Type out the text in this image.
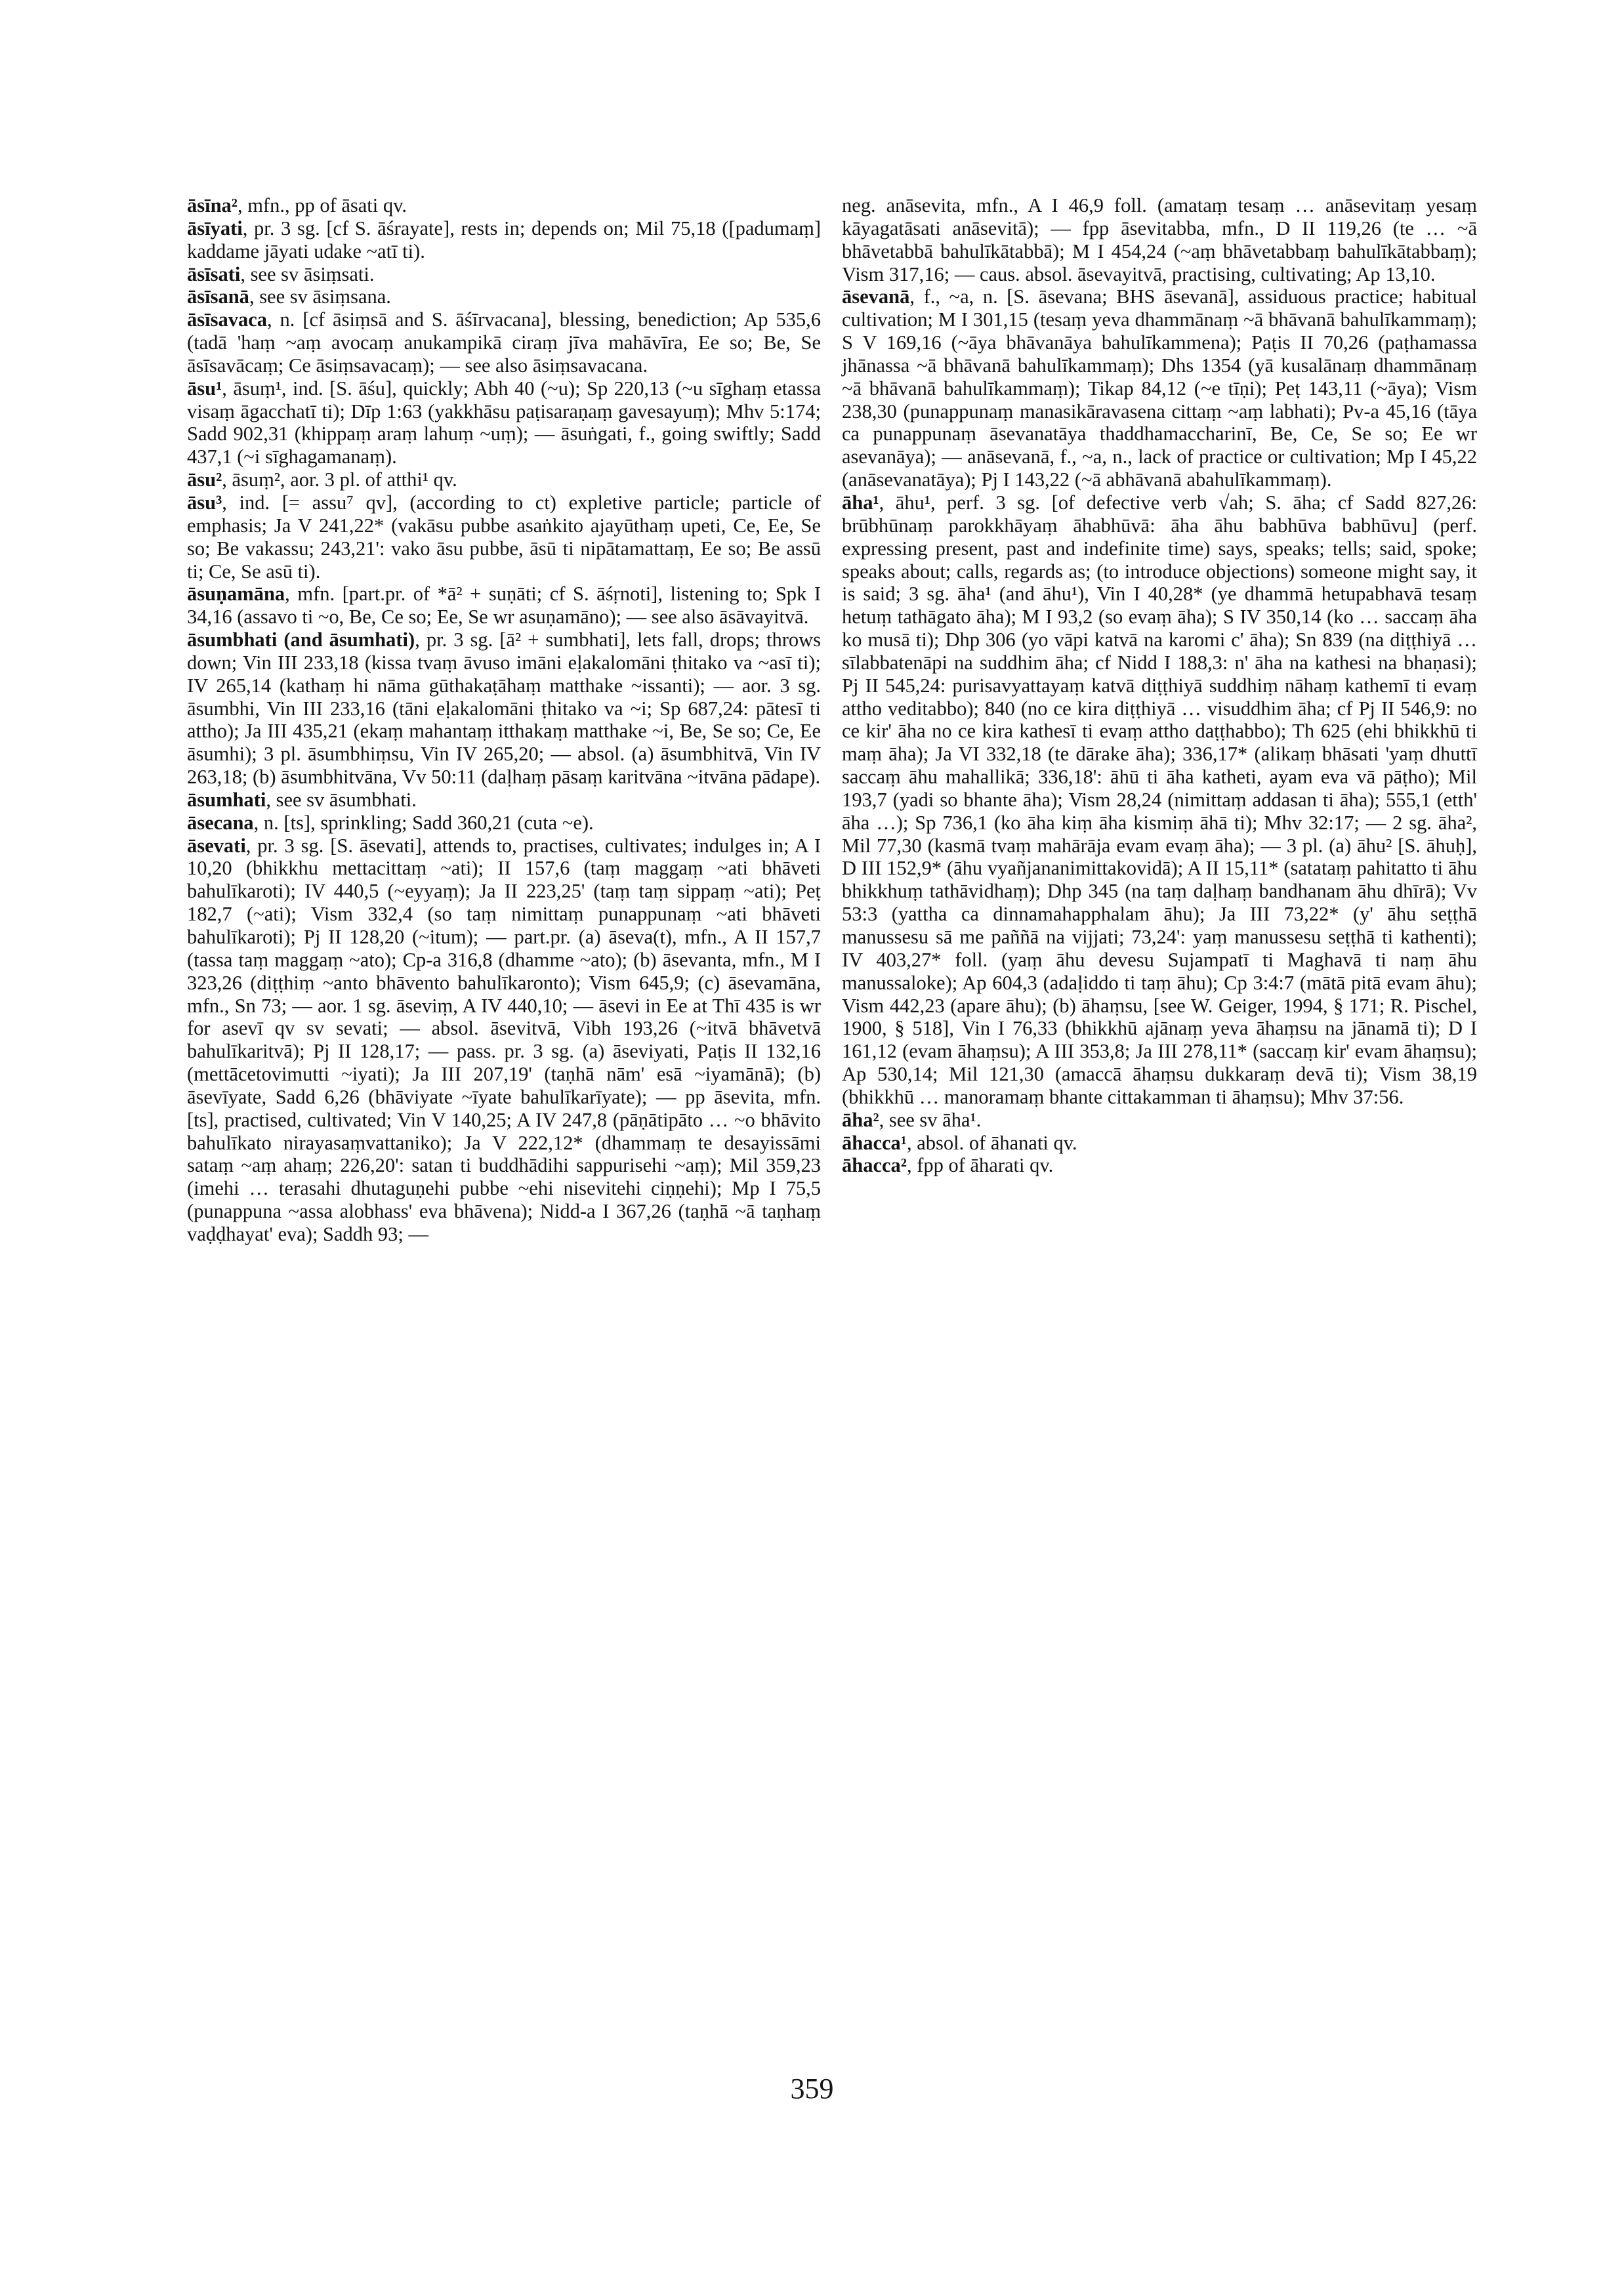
āsīna², mfn., pp of āsati qv.

āsīyati, pr. 3 sg. [cf S. āśrayate], rests in; depends on; Mil 75,18 ([padumaṃ] kaddame jāyati udake ~atī ti).

āsīsati, see sv āsiṃsati.

āsīsanā, see sv āsiṃsana.

āsīsavaca, n. [cf āsiṃsā and S. āśīrvacana], blessing, benediction; Ap 535,6 (tadā 'haṃ ~aṃ avocaṃ anukampikā ciraṃ jīva mahāvīra, Ee so; Be, Se āsīsavācaṃ; Ce āsiṃsavacaṃ); — see also āsiṃsavacana.

āsu¹, āsuṃ¹, ind. [S. āśu], quickly; Abh 40 (~u); Sp 220,13 (~u sīghaṃ etassa visaṃ āgacchatī ti); Dīp 1:63 (yakkhāsu paṭisaraṇaṃ gavesayuṃ); Mhv 5:174; Sadd 902,31 (khippaṃ araṃ lahuṃ ~uṃ); — āsuṅgati, f., going swiftly; Sadd 437,1 (~i sīghagamanaṃ).

āsu², āsuṃ², aor. 3 pl. of atthi¹ qv.

āsu³, ind. [= assu⁷ qv], (according to ct) expletive particle; particle of emphasis; Ja V 241,22* (vakāsu pubbe asaṅkito ajayūthaṃ upeti, Ce, Ee, Se so; Be vakassu; 243,21': vako āsu pubbe, āsū ti nipātamattaṃ, Ee so; Be assū ti; Ce, Se asū ti).

āsuṇamāna, mfn. [part.pr. of *ā² + suṇāti; cf S. āśṛnoti], listening to; Spk I 34,16 (assavo ti ~o, Be, Ce so; Ee, Se wr asuṇamāno); — see also āsāvayitvā.

āsumbhati (and āsumhati), pr. 3 sg. [ā² + sumbhati], lets fall, drops; throws down; Vin III 233,18 (kissa tvaṃ āvuso imāni eḷakalomāni ṭhitako va ~asī ti); IV 265,14 (kathaṃ hi nāma gūthakaṭāhaṃ matthake ~issanti); — aor. 3 sg. āsumbhi, Vin III 233,16 (tāni eḷakalomāni ṭhitako va ~i; Sp 687,24: pātesī ti attho); Ja III 435,21 (ekaṃ mahantaṃ itthakaṃ matthake ~i, Be, Se so; Ce, Ee āsumhi); 3 pl. āsumbhiṃsu, Vin IV 265,20; — absol. (a) āsumbhitvā, Vin IV 263,18; (b) āsumbhitvāna, Vv 50:11 (daḷhaṃ pāsaṃ karitvāna ~itvāna pādape).

āsumhati, see sv āsumbhati.

āsecana, n. [ts], sprinkling; Sadd 360,21 (cuta ~e).

āsevati, pr. 3 sg. [S. āsevati], attends to, practises, cultivates; indulges in; A I 10,20 (bhikkhu mettacittaṃ ~ati); II 157,6 (taṃ maggaṃ ~ati bhāveti bahulīkaroti); IV 440,5 (~eyyaṃ); Ja II 223,25' (taṃ taṃ sippaṃ ~ati); Peṭ 182,7 (~ati); Vism 332,4 (so taṃ nimittaṃ punappunaṃ ~ati bhāveti bahulīkaroti); Pj II 128,20 (~itum); — part.pr. (a) āseva(t), mfn., A II 157,7 (tassa taṃ maggaṃ ~ato); Cp-a 316,8 (dhamme ~ato); (b) āsevanta, mfn., M I 323,26 (diṭṭhiṃ ~anto bhāvento bahulīkaronto); Vism 645,9; (c) āsevamāna, mfn., Sn 73; — aor. 1 sg. āseviṃ, A IV 440,10; — āsevi in Ee at Thī 435 is wr for asevī qv sv sevati; — absol. āsevitvā, Vibh 193,26 (~itvā bhāvetvā bahulīkaritvā); Pj II 128,17; — pass. pr. 3 sg. (a) āseviyati, Paṭis II 132,16 (mettācetovimutti ~iyati); Ja III 207,19' (taṇhā nām' esā ~iyamānā); (b) āsevīyate, Sadd 6,26 (bhāviyate ~īyate bahulīkarīyate); — pp āsevita, mfn. [ts], practised, cultivated; Vin V 140,25; A IV 247,8 (pāṇātipāto … ~o bhāvito bahulīkato nirayasaṃvattaniko); Ja V 222,12* (dhammaṃ te desayissāmi sataṃ ~aṃ ahaṃ; 226,20': satan ti buddhādihi sappurisehi ~aṃ); Mil 359,23 (imehi … terasahi dhutaguṇehi pubbe ~ehi nisevitehi ciṇṇehi); Mp I 75,5 (punappuna ~assa alobhass' eva bhāvena); Nidd-a I 367,26 (taṇhā ~ā taṇhaṃ vaḍḍhayat' eva); Saddh 93; —

neg. anāsevita, mfn., A I 46,9 foll. (amataṃ tesaṃ … anāsevitaṃ yesaṃ kāyagatāsati anāsevitā); — fpp āsevitabba, mfn., D II 119,26 (te … ~ā bhāvetabbā bahulīkātabbā); M I 454,24 (~aṃ bhāvetabbaṃ bahulīkātabbaṃ); Vism 317,16; — caus. absol. āsevayitvā, practising, cultivating; Ap 13,10.

āsevanā, f., ~a, n. [S. āsevana; BHS āsevanā], assiduous practice; habitual cultivation; M I 301,15 (tesaṃ yeva dhammānaṃ ~ā bhāvanā bahulīkammaṃ); S V 169,16 (~āya bhāvanāya bahulīkammena); Paṭis II 70,26 (paṭhamassa jhānassa ~ā bhāvanā bahulīkammaṃ); Dhs 1354 (yā kusalānaṃ dhammānaṃ ~ā bhāvanā bahulīkammaṃ); Tikap 84,12 (~e tīṇi); Peṭ 143,11 (~āya); Vism 238,30 (punappunaṃ manasikāravasena cittaṃ ~aṃ labhati); Pv-a 45,16 (tāya ca punappunaṃ āsevanatāya thaddhamaccharinī, Be, Ce, Se so; Ee wr asevanāya); — anāsevanā, f., ~a, n., lack of practice or cultivation; Mp I 45,22 (anāsevanatāya); Pj I 143,22 (~ā abhāvanā abahulīkammaṃ).

āha¹, āhu¹, perf. 3 sg. [of defective verb √ah; S. āha; cf Sadd 827,26: brūbhūnaṃ parokkhāyaṃ āhabhūvā: āha āhu babhūva babhūvu] (perf. expressing present, past and indefinite time) says, speaks; tells; said, spoke; speaks about; calls, regards as; (to introduce objections) someone might say, it is said; 3 sg. āha¹ (and āhu¹), Vin I 40,28* (ye dhammā hetupabhavā tesaṃ hetuṃ tathāgato āha); M I 93,2 (so evaṃ āha); S IV 350,14 (ko … saccaṃ āha ko musā ti); Dhp 306 (yo vāpi katvā na karomi c' āha); Sn 839 (na diṭṭhiyā … sīlabbatenāpi na suddhim āha; cf Nidd I 188,3: n' āha na kathesi na bhaṇasi); Pj II 545,24: purisavyattayaṃ katvā diṭṭhiyā suddhiṃ nāhaṃ kathemī ti evaṃ attho veditabbo); 840 (no ce kira diṭṭhiyā … visuddhim āha; cf Pj II 546,9: no ce kir' āha no ce kira kathesī ti evaṃ attho daṭṭhabbo); Th 625 (ehi bhikkhū ti maṃ āha); Ja VI 332,18 (te dārake āha); 336,17* (alikaṃ bhāsati 'yaṃ dhuttī saccaṃ āhu mahallikā; 336,18': āhū ti āha katheti, ayam eva vā pāṭho); Mil 193,7 (yadi so bhante āha); Vism 28,24 (nimittaṃ addasan ti āha); 555,1 (etth' āha …); Sp 736,1 (ko āha kiṃ āha kismiṃ āhā ti); Mhv 32:17; — 2 sg. āha², Mil 77,30 (kasmā tvaṃ mahārāja evam evaṃ āha); — 3 pl. (a) āhu² [S. āhuḥ], D III 152,9* (āhu vyañjananimittakovidā); A II 15,11* (satataṃ pahitatto ti āhu bhikkhuṃ tathāvidhaṃ); Dhp 345 (na taṃ daḷhaṃ bandhanam āhu dhīrā); Vv 53:3 (yattha ca dinnamahapphalam āhu); Ja III 73,22* (y' āhu seṭṭhā manussesu sā me paññā na vijjati; 73,24': yaṃ manussesu seṭṭhā ti kathenti); IV 403,27* foll. (yaṃ āhu devesu Sujampatī ti Maghavā ti naṃ āhu manussaloke); Ap 604,3 (adaḷiddo ti taṃ āhu); Cp 3:4:7 (mātā pitā evam āhu); Vism 442,23 (apare āhu); (b) āhaṃsu, [see W. Geiger, 1994, § 171; R. Pischel, 1900, § 518], Vin I 76,33 (bhikkhū ajānaṃ yeva āhaṃsu na jānamā ti); D I 161,12 (evam āhaṃsu); A III 353,8; Ja III 278,11* (saccaṃ kir' evam āhaṃsu); Ap 530,14; Mil 121,30 (amaccā āhaṃsu dukkaraṃ devā ti); Vism 38,19 (bhikkhū … manoramaṃ bhante cittakamman ti āhaṃsu); Mhv 37:56.

āha², see sv āha¹.

āhacca¹, absol. of āhanati qv.

āhacca², fpp of āharati qv.

359
